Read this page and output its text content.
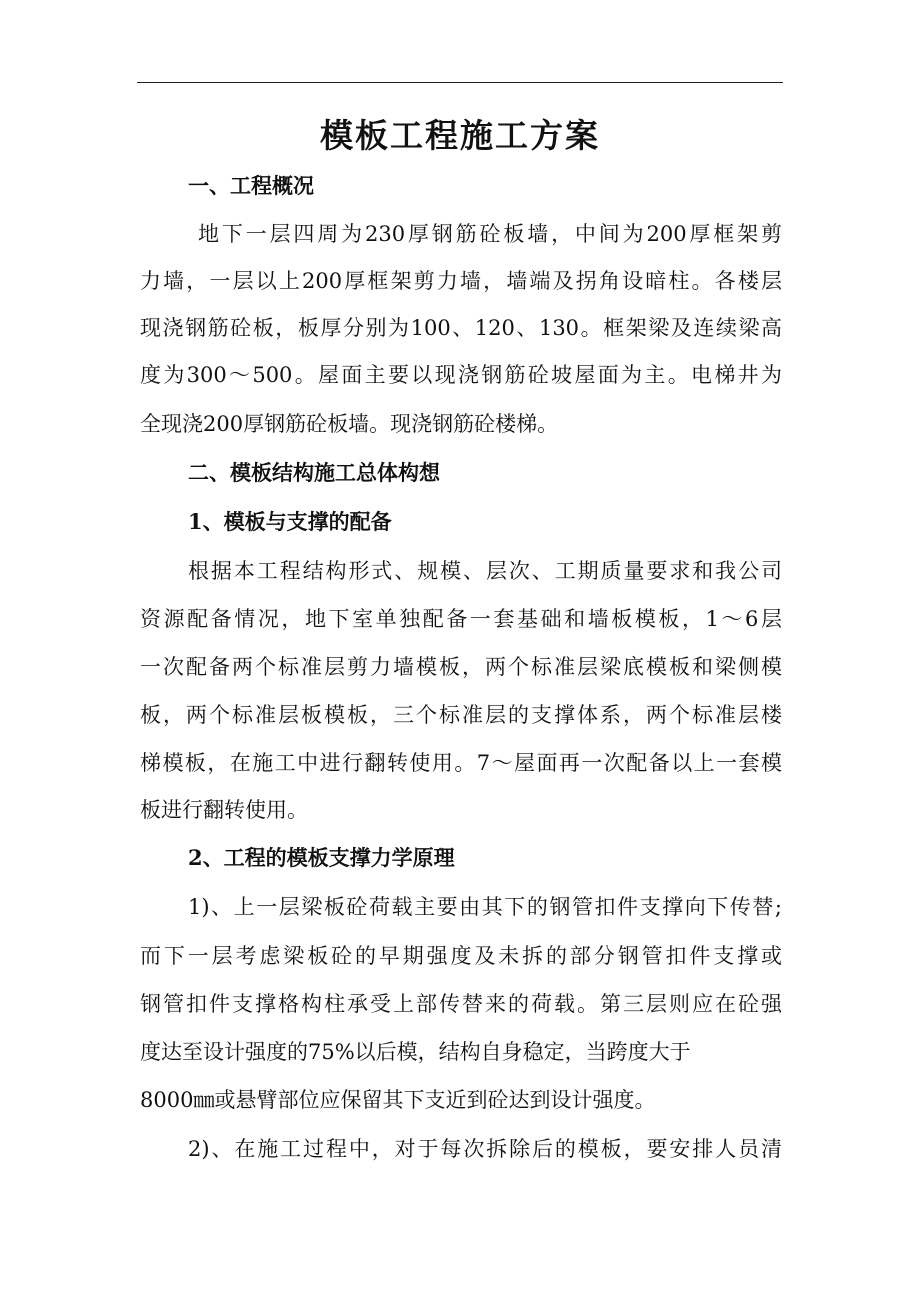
模板工程施工方案
一、工程概况

地下一层四周为230厚钢筋砼板墙，中间为200厚框架剪

力墙，一层以上200厚框架剪力墙，墙端及拐角设暗柱。各楼层

现浇钢筋砼板，板厚分别为100、120、130。框架梁及连续梁高

度为300～500。屋面主要以现浇钢筋砼坡屋面为主。电梯井为

全现浇200厚钢筋砼板墙。现浇钢筋砼楼梯。

二、模板结构施工总体构想
1、模板与支撑的配备

根据本工程结构形式、规模、层次、工期质量要求和我公司

资源配备情况，地下室单独配备一套基础和墙板模板，1～6层

一次配备两个标准层剪力墙模板，两个标准层梁底模板和梁侧模

板，两个标准层板模板，三个标准层的支撑体系，两个标准层楼

梯模板，在施工中进行翻转使用。7～屋面再一次配备以上一套模

板进行翻转使用。

2、工程的模板支撑力学原理

1)、上一层梁板砼荷载主要由其下的钢管扣件支撑向下传替;

而下一层考虑梁板砼的早期强度及未拆的部分钢管扣件支撑或

钢管扣件支撑格构柱承受上部传替来的荷载。第三层则应在砼强

度达至设计强度的75%以后模，结构自身稳定，当跨度大于

8000㎜或悬臂部位应保留其下支近到砼达到设计强度。

2)、在施工过程中，对于每次拆除后的模板，要安排人员清
